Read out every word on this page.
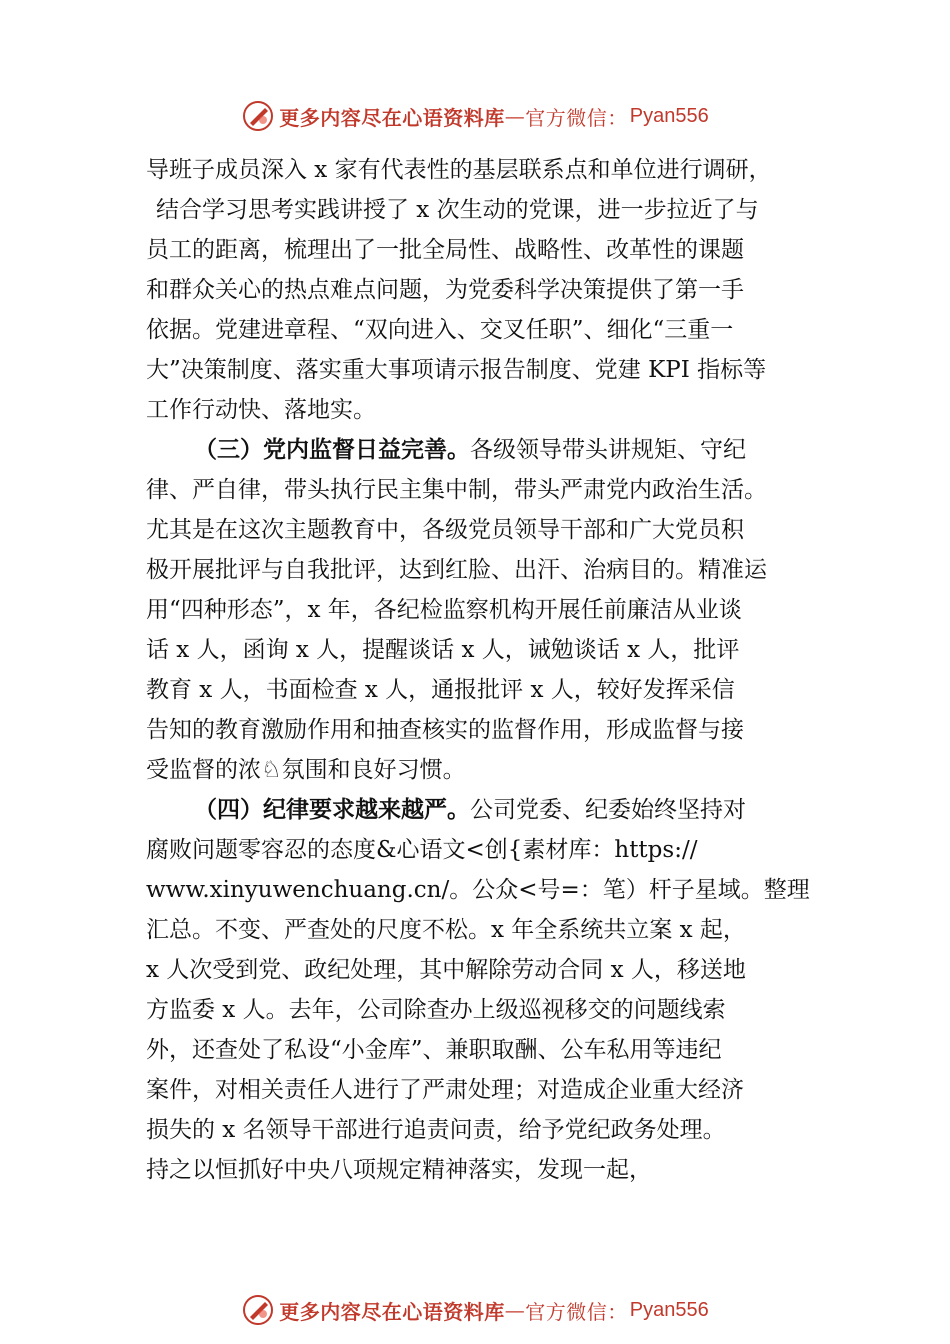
更多内容尽在心语资料库 — 官方微信： Pyan556
导班子成员深入 x 家有代表性的基层联系点和单位进行调研，
结合学习思考实践讲授了 x 次生动的党课，进一步拉近了与
员工的距离，梳理出了一批全局性、战略性、改革性的课题
和群众关心的热点难点问题，为党委科学决策提供了第一手
依据。党建进章程、“双向进入、交叉任职”、细化“三重一
大”决策制度、落实重大事项请示报告制度、党建 KPI 指标等
工作行动快、落地实。
（三）党内监督日益完善。各级领导带头讲规矩、守纪
律、严自律，带头执行民主集中制，带头严肃党内政治生活。
尤其是在这次主题教育中，各级党员领导干部和广大党员积
极开展批评与自我批评，达到红脸、出汗、治病目的。精准运
用“四种形态”，x 年，各纪检监察机构开展任前廉洁从业谈
话 x 人，函询 x 人，提醒谈话 x 人，诫勉谈话 x 人，批评
教育 x 人，书面检查 x 人，通报批评 x 人，较好发挥采信
告知的教育激励作用和抽查核实的监督作用，形成监督与接
受监督的浓♘氛围和良好习惯。
（四）纪律要求越来越严。公司党委、纪委始终坚持对
腐败问题零容忍的态度&心语文<创{素材库：https://
www.xinyuwenchuang.cn/。公众<号=：笔）杆子星域。整理
汇总。不变、严查处的尺度不松。x 年全系统共立案 x 起，
x 人次受到党、政纪处理，其中解除劳动合同 x 人，移送地
方监委 x 人。去年，公司除查办上级巡视移交的问题线索
外，还查处了私设“小金库”、兼职取酬、公车私用等违纪
案件，对相关责任人进行了严肃处理；对造成企业重大经济
损失的 x 名领导干部进行追责问责，给予党纪政务处理。
持之以恒抓好中央八项规定精神落实，发现一起，
更多内容尽在心语资料库 — 官方微信： Pyan556
